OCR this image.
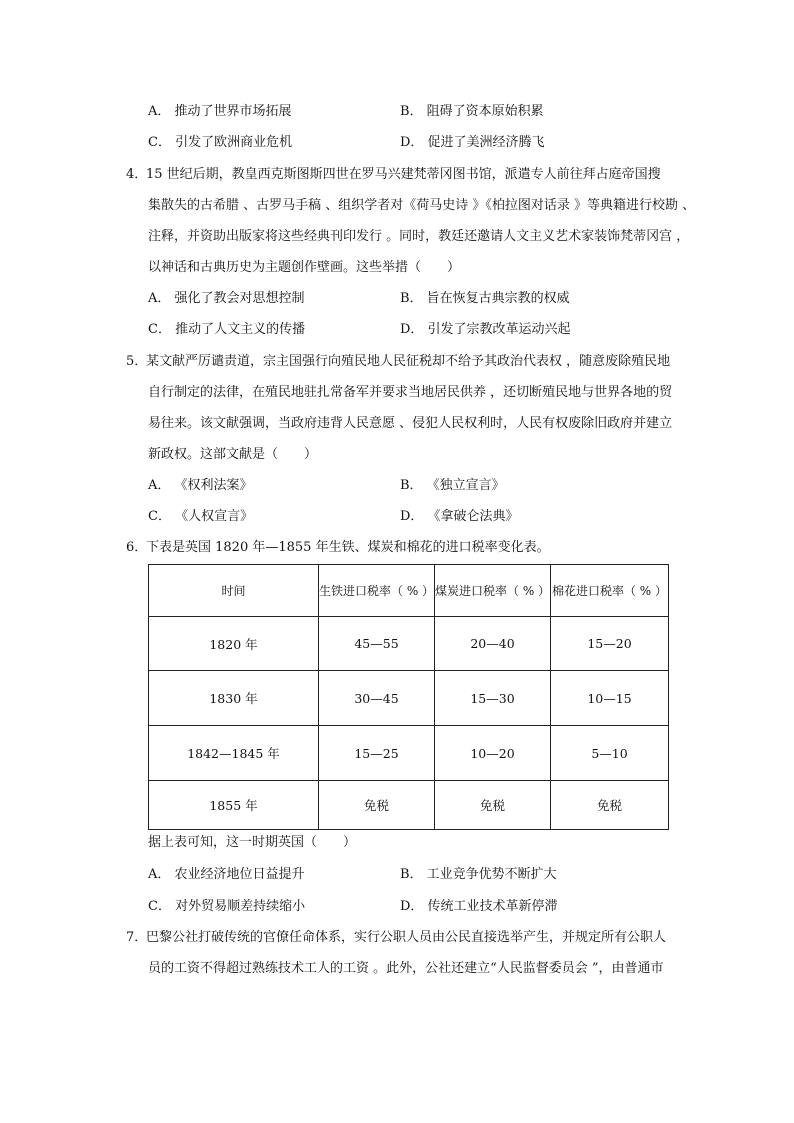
A． 推动了世界市场拓展	B． 阻碍了资本原始积累
C． 引发了欧洲商业危机	D． 促进了美洲经济腾飞
4．
15 世纪后期，教皇西克斯图斯四世在罗马兴建梵蒂冈图书馆，派遣专人前往拜占庭帝国搜
集散失的古希腊 、古罗马手稿 、组织学者对《荷马史诗 》《柏拉图对话录 》等典籍进行校勘 、
注释，并资助出版家将这些经典刊印发行 。同时，教廷还邀请人文主义艺术家装饰梵蒂冈宫 ，
以神话和古典历史为主题创作壁画。这些举措（　　）
A． 强化了教会对思想控制	B． 旨在恢复古典宗教的权威
C． 推动了人文主义的传播	D． 引发了宗教改革运动兴起
5．
某文献严厉谴责道，宗主国强行向殖民地人民征税却不给予其政治代表权 ，随意废除殖民地
自行制定的法律，在殖民地驻扎常备军并要求当地居民供养 ，还切断殖民地与世界各地的贸
易往来。该文献强调，当政府违背人民意愿 、侵犯人民权利时，人民有权废除旧政府并建立
新政权。这部文献是（　　）
A． 《权利法案》	B． 《独立宣言》
C． 《人权宣言》	D． 《拿破仑法典》
6．
下表是英国 1820 年—1855 年生铁、煤炭和棉花的进口税率变化表。
时间	生铁进口税率（ % ）	煤炭进口税率（ % ）	棉花进口税率（ % ）
1820 年	45—55	20—40	15—20
1830 年	30—45	15—30	10—15
1842—1845 年	15—25	10—20	5—10
1855 年	免税	免税	免税
据上表可知，这一时期英国（　　）
A． 农业经济地位日益提升	B． 工业竞争优势不断扩大
C． 对外贸易顺差持续缩小	D． 传统工业技术革新停滞
7．
巴黎公社打破传统的官僚任命体系，实行公职人员由公民直接选举产生，并规定所有公职人
员的工资不得超过熟练技术工人的工资 。此外，公社还建立“人民监督委员会 ”，由普通市
